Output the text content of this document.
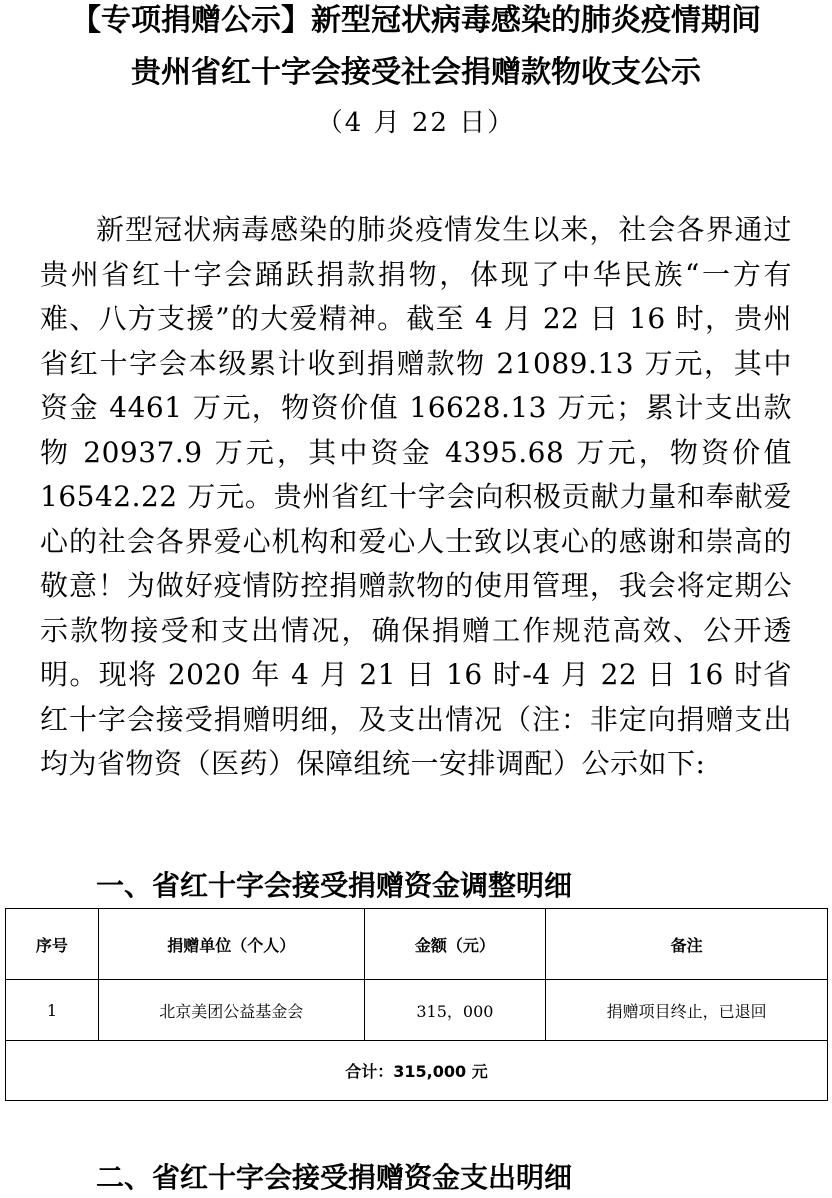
【专项捐赠公示】新型冠状病毒感染的肺炎疫情期间
贵州省红十字会接受社会捐赠款物收支公示
（4 月 22 日）

新型冠状病毒感染的肺炎疫情发生以来，社会各界通过贵州省红十字会踊跃捐款捐物，体现了中华民族“一方有难、八方支援”的大爱精神。截至 4 月 22 日 16 时，贵州省红十字会本级累计收到捐赠款物 21089.13 万元，其中资金 4461 万元，物资价值 16628.13 万元；累计支出款物 20937.9 万元，其中资金 4395.68 万元，物资价值 16542.22 万元。贵州省红十字会向积极贡献力量和奉献爱心的社会各界爱心机构和爱心人士致以衷心的感谢和崇高的敬意！为做好疫情防控捐赠款物的使用管理，我会将定期公示款物接受和支出情况，确保捐赠工作规范高效、公开透明。现将 2020 年 4 月 21 日 16 时-4 月 22 日 16 时省红十字会接受捐赠明细，及支出情况（注：非定向捐赠支出均为省物资（医药）保障组统一安排调配）公示如下:

一、省红十字会接受捐赠资金调整明细
序号	捐赠单位（个人）	金额（元）	备注
1	北京美团公益基金会	315，000	捐赠项目终止，已退回
合计：315,000 元			
二、省红十字会接受捐赠资金支出明细
